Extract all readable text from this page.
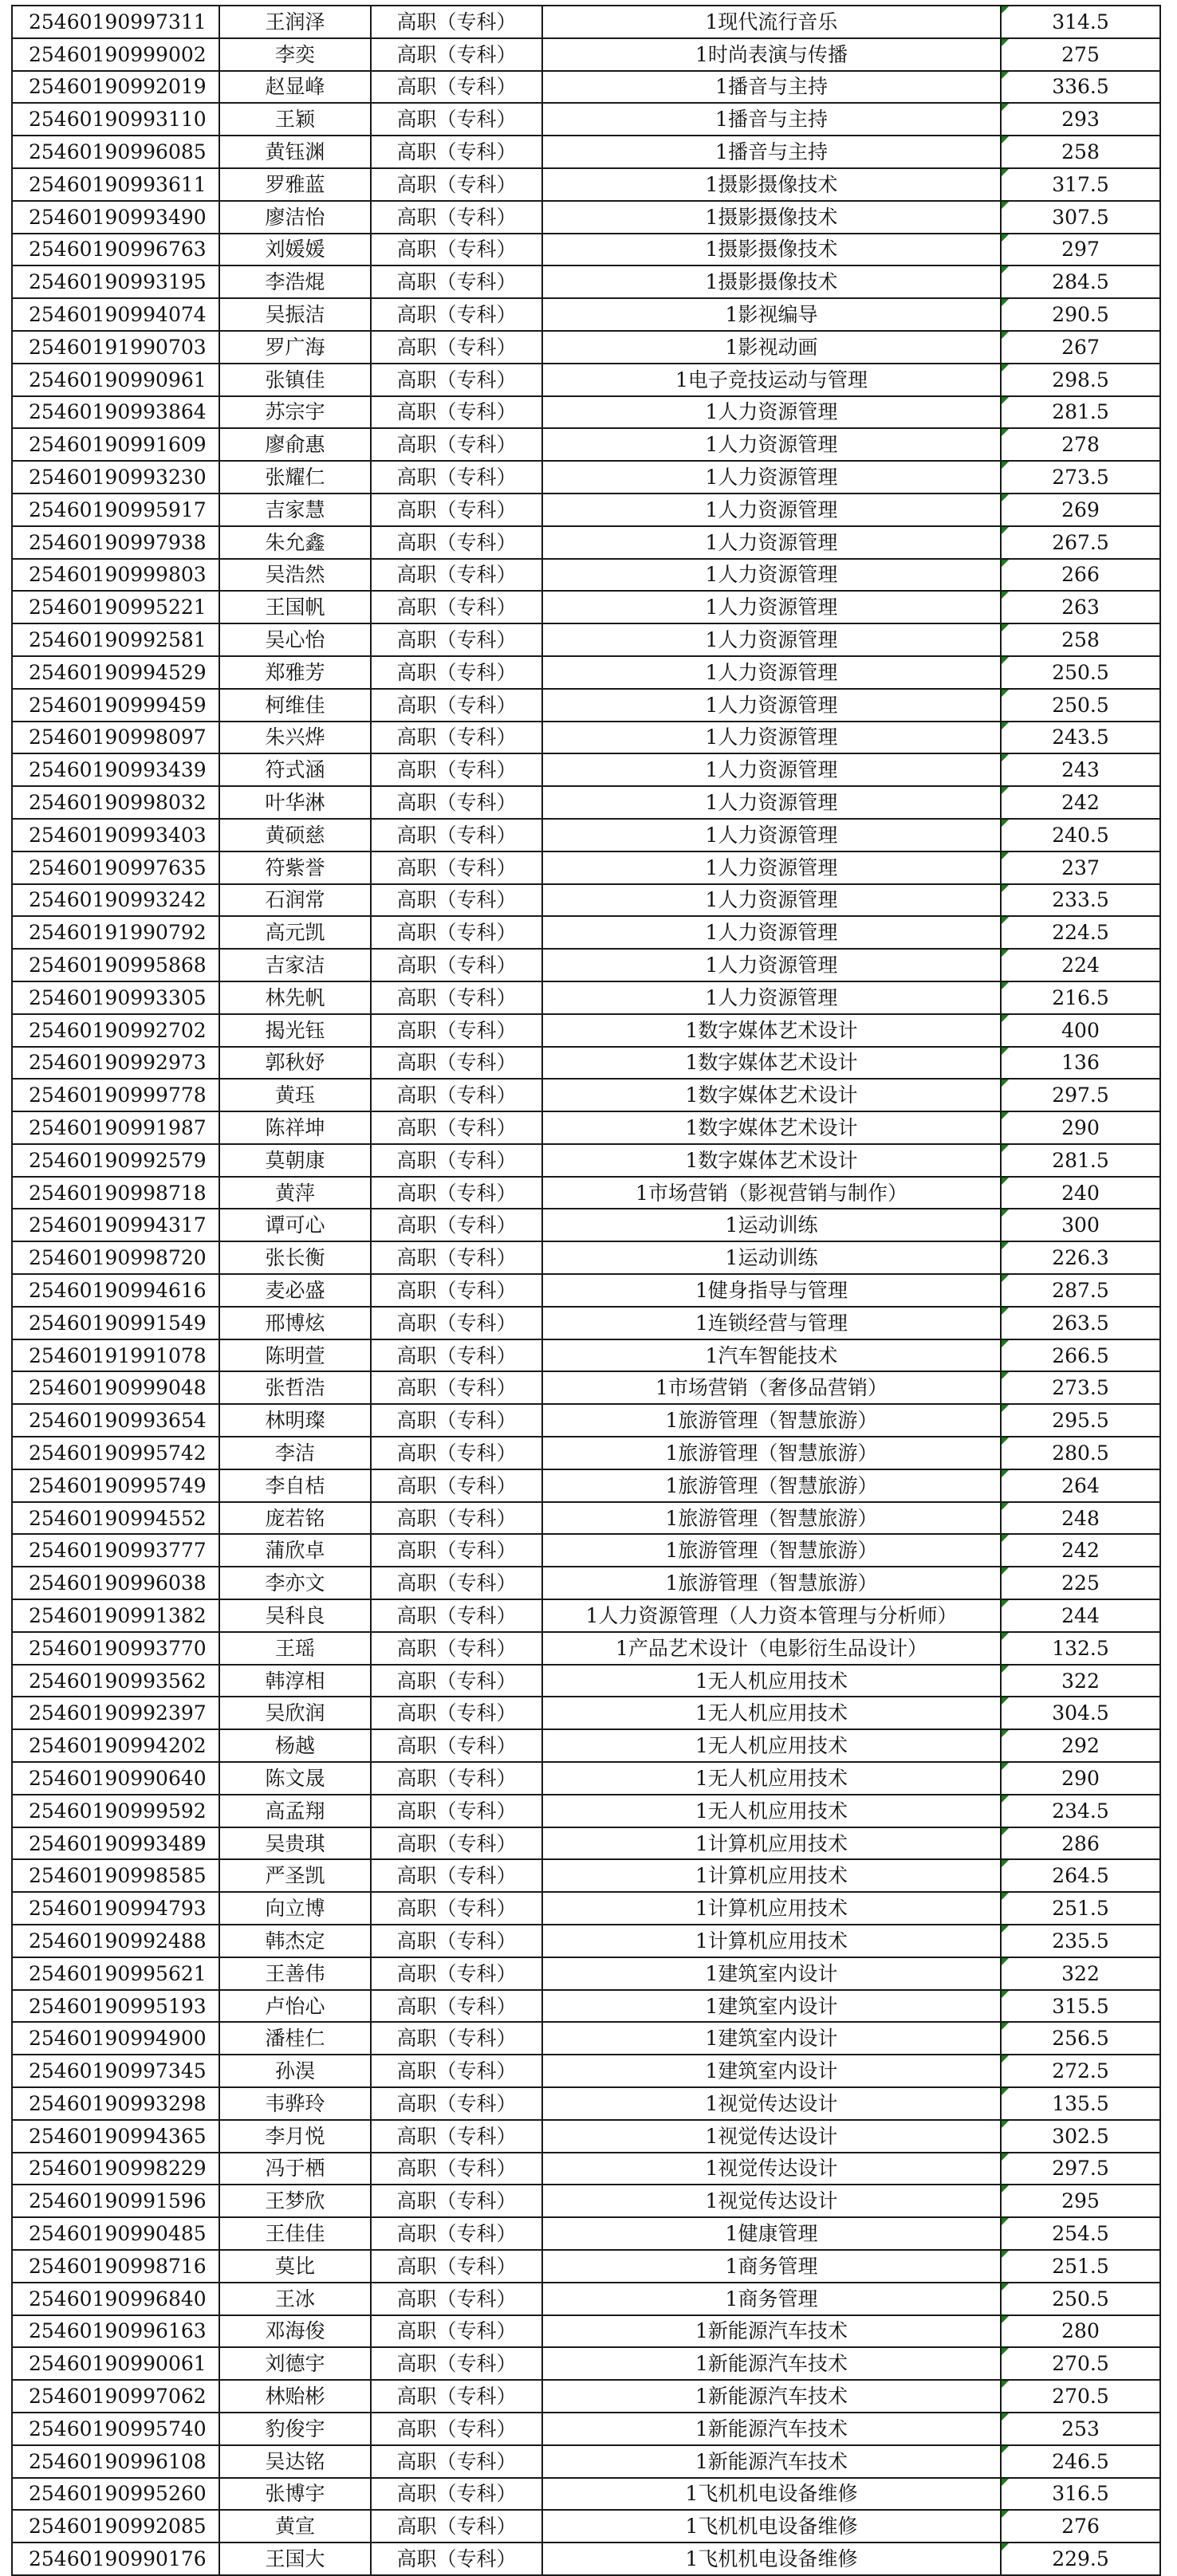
25460190997311	王润泽	高职（专科）	1现代流行音乐	314.5
25460190999002	李奕	高职（专科）	1时尚表演与传播	275
25460190992019	赵显峰	高职（专科）	1播音与主持	336.5
25460190993110	王颖	高职（专科）	1播音与主持	293
25460190996085	黄钰渊	高职（专科）	1播音与主持	258
25460190993611	罗雅蓝	高职（专科）	1摄影摄像技术	317.5
25460190993490	廖洁怡	高职（专科）	1摄影摄像技术	307.5
25460190996763	刘媛媛	高职（专科）	1摄影摄像技术	297
25460190993195	李浩焜	高职（专科）	1摄影摄像技术	284.5
25460190994074	吴振洁	高职（专科）	1影视编导	290.5
25460191990703	罗广海	高职（专科）	1影视动画	267
25460190990961	张镇佳	高职（专科）	1电子竞技运动与管理	298.5
25460190993864	苏宗宇	高职（专科）	1人力资源管理	281.5
25460190991609	廖俞惠	高职（专科）	1人力资源管理	278
25460190993230	张耀仁	高职（专科）	1人力资源管理	273.5
25460190995917	吉家慧	高职（专科）	1人力资源管理	269
25460190997938	朱允鑫	高职（专科）	1人力资源管理	267.5
25460190999803	吴浩然	高职（专科）	1人力资源管理	266
25460190995221	王国帆	高职（专科）	1人力资源管理	263
25460190992581	吴心怡	高职（专科）	1人力资源管理	258
25460190994529	郑雅芳	高职（专科）	1人力资源管理	250.5
25460190999459	柯维佳	高职（专科）	1人力资源管理	250.5
25460190998097	朱兴烨	高职（专科）	1人力资源管理	243.5
25460190993439	符式涵	高职（专科）	1人力资源管理	243
25460190998032	叶华淋	高职（专科）	1人力资源管理	242
25460190993403	黄硕慈	高职（专科）	1人力资源管理	240.5
25460190997635	符紫誉	高职（专科）	1人力资源管理	237
25460190993242	石润常	高职（专科）	1人力资源管理	233.5
25460191990792	高元凯	高职（专科）	1人力资源管理	224.5
25460190995868	吉家洁	高职（专科）	1人力资源管理	224
25460190993305	林先帆	高职（专科）	1人力资源管理	216.5
25460190992702	揭光钰	高职（专科）	1数字媒体艺术设计	400
25460190992973	郭秋妤	高职（专科）	1数字媒体艺术设计	136
25460190999778	黄珏	高职（专科）	1数字媒体艺术设计	297.5
25460190991987	陈祥坤	高职（专科）	1数字媒体艺术设计	290
25460190992579	莫朝康	高职（专科）	1数字媒体艺术设计	281.5
25460190998718	黄萍	高职（专科）	1市场营销（影视营销与制作）	240
25460190994317	谭可心	高职（专科）	1运动训练	300
25460190998720	张长衡	高职（专科）	1运动训练	226.3
25460190994616	麦必盛	高职（专科）	1健身指导与管理	287.5
25460190991549	邢博炫	高职（专科）	1连锁经营与管理	263.5
25460191991078	陈明萱	高职（专科）	1汽车智能技术	266.5
25460190999048	张哲浩	高职（专科）	1市场营销（奢侈品营销）	273.5
25460190993654	林明璨	高职（专科）	1旅游管理（智慧旅游）	295.5
25460190995742	李洁	高职（专科）	1旅游管理（智慧旅游）	280.5
25460190995749	李自桔	高职（专科）	1旅游管理（智慧旅游）	264
25460190994552	庞若铭	高职（专科）	1旅游管理（智慧旅游）	248
25460190993777	蒲欣卓	高职（专科）	1旅游管理（智慧旅游）	242
25460190996038	李亦文	高职（专科）	1旅游管理（智慧旅游）	225
25460190991382	吴科良	高职（专科）	1人力资源管理（人力资本管理与分析师）	244
25460190993770	王瑶	高职（专科）	1产品艺术设计（电影衍生品设计）	132.5
25460190993562	韩淳相	高职（专科）	1无人机应用技术	322
25460190992397	吴欣润	高职（专科）	1无人机应用技术	304.5
25460190994202	杨越	高职（专科）	1无人机应用技术	292
25460190990640	陈文晟	高职（专科）	1无人机应用技术	290
25460190999592	高孟翔	高职（专科）	1无人机应用技术	234.5
25460190993489	吴贵琪	高职（专科）	1计算机应用技术	286
25460190998585	严圣凯	高职（专科）	1计算机应用技术	264.5
25460190994793	向立博	高职（专科）	1计算机应用技术	251.5
25460190992488	韩杰定	高职（专科）	1计算机应用技术	235.5
25460190995621	王善伟	高职（专科）	1建筑室内设计	322
25460190995193	卢怡心	高职（专科）	1建筑室内设计	315.5
25460190994900	潘桂仁	高职（专科）	1建筑室内设计	256.5
25460190997345	孙淏	高职（专科）	1建筑室内设计	272.5
25460190993298	韦骅玲	高职（专科）	1视觉传达设计	135.5
25460190994365	李月悦	高职（专科）	1视觉传达设计	302.5
25460190998229	冯于栖	高职（专科）	1视觉传达设计	297.5
25460190991596	王梦欣	高职（专科）	1视觉传达设计	295
25460190990485	王佳佳	高职（专科）	1健康管理	254.5
25460190998716	莫比	高职（专科）	1商务管理	251.5
25460190996840	王冰	高职（专科）	1商务管理	250.5
25460190996163	邓海俊	高职（专科）	1新能源汽车技术	280
25460190990061	刘德宇	高职（专科）	1新能源汽车技术	270.5
25460190997062	林贻彬	高职（专科）	1新能源汽车技术	270.5
25460190995740	豹俊宇	高职（专科）	1新能源汽车技术	253
25460190996108	吴达铭	高职（专科）	1新能源汽车技术	246.5
25460190995260	张博宇	高职（专科）	1飞机机电设备维修	316.5
25460190992085	黄宣	高职（专科）	1飞机机电设备维修	276
25460190990176	王国大	高职（专科）	1飞机机电设备维修	229.5
